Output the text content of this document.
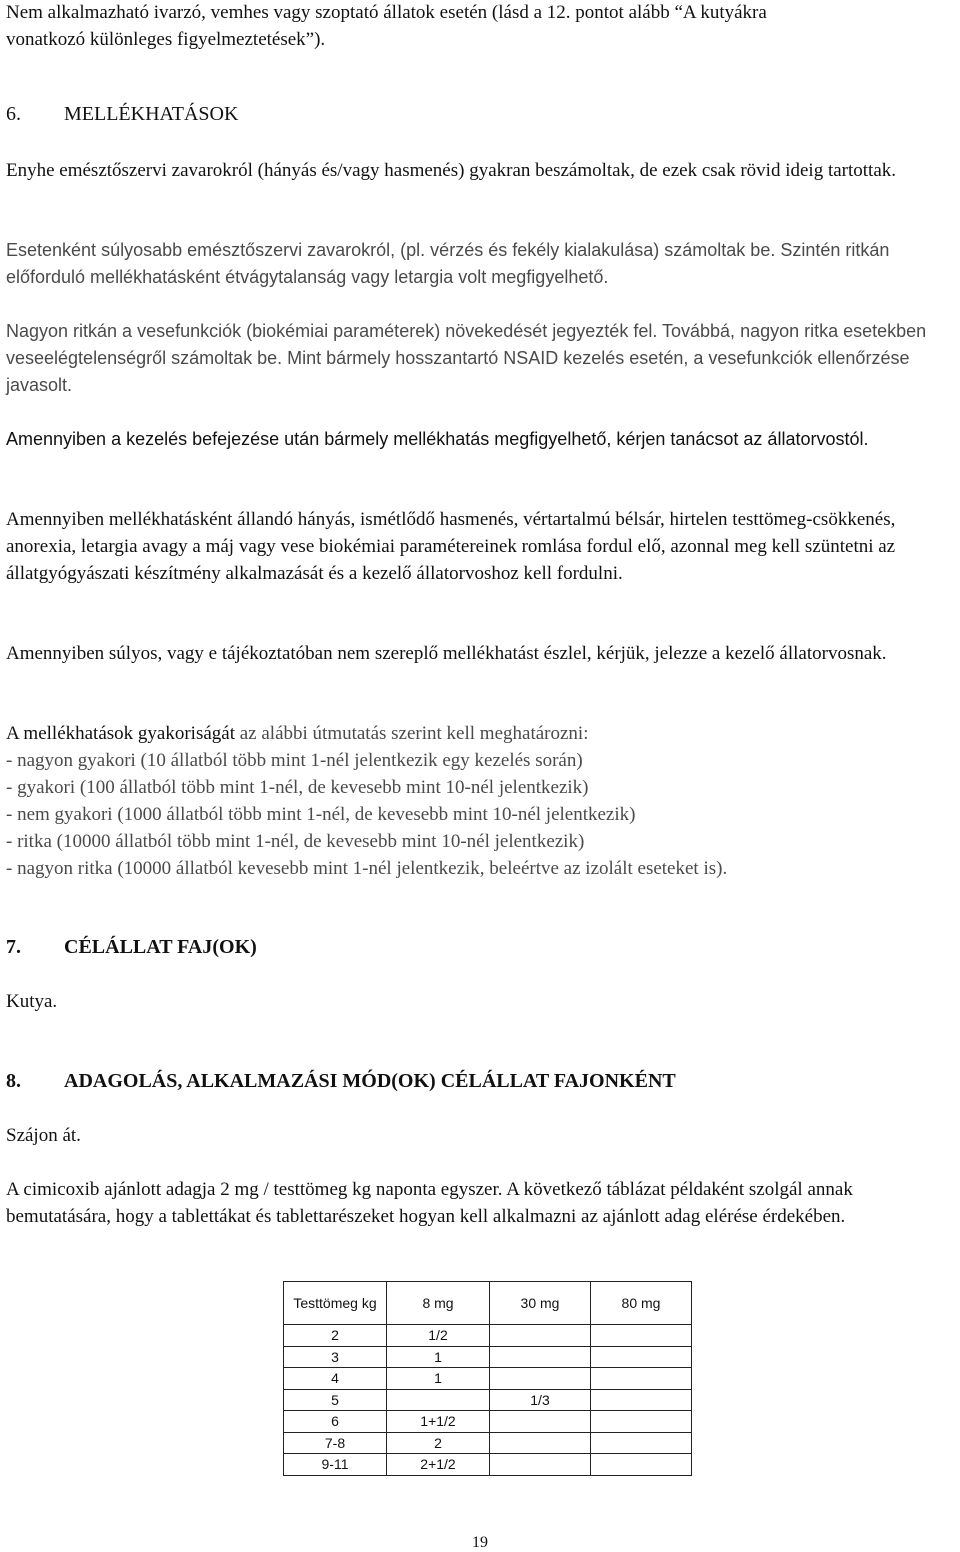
Nem alkalmazható ivarzó, vemhes vagy szoptató állatok esetén (lásd a 12. pontot alább “A kutyákra
vonatkozó különleges figyelmeztetések”).

6. MELLÉKHATÁSOK

Enyhe emésztőszervi zavarokról (hányás és/vagy hasmenés) gyakran beszámoltak, de ezek csak rövid ideig tartottak.

Esetenként súlyosabb emésztőszervi zavarokról, (pl. vérzés és fekély kialakulása) számoltak be. Szintén ritkán előforduló mellékhatásként étvágytalanság vagy letargia volt megfigyelhető.

Nagyon ritkán a vesefunkciók (biokémiai paraméterek) növekedését jegyezték fel. Továbbá, nagyon ritka esetekben veseelégtelenségről számoltak be. Mint bármely hosszantartó NSAID kezelés esetén, a vesefunkciók ellenőrzése javasolt.

Amennyiben a kezelés befejezése után bármely mellékhatás megfigyelhető, kérjen tanácsot az állatorvostól.

Amennyiben mellékhatásként állandó hányás, ismétlődő hasmenés, vértartalmú bélsár, hirtelen testtömeg-csökkenés, anorexia, letargia avagy a máj vagy vese biokémiai paramétereinek romlása fordul elő, azonnal meg kell szüntetni az állatgyógyászati készítmény alkalmazását és a kezelő állatorvoshoz kell fordulni.

Amennyiben súlyos, vagy e tájékoztatóban nem szereplő mellékhatást észlel, kérjük, jelezze a kezelő állatorvosnak.

A mellékhatások gyakoriságát az alábbi útmutatás szerint kell meghatározni:

- nagyon gyakori (10 állatból több mint 1-nél jelentkezik egy kezelés során)
- gyakori (100 állatból több mint 1-nél, de kevesebb mint 10-nél jelentkezik)
- nem gyakori (1000 állatból több mint 1-nél, de kevesebb mint 10-nél jelentkezik)
- ritka (10000 állatból több mint 1-nél, de kevesebb mint 10-nél jelentkezik)
- nagyon ritka (10000 állatból kevesebb mint 1-nél jelentkezik, beleértve az izolált eseteket is).
7. CÉLÁLLAT FAJ(OK)

Kutya.

8. ADAGOLÁS, ALKALMAZÁSI MÓD(OK) CÉLÁLLAT FAJONKÉNT

Szájon át.

A cimicoxib ajánlott adagja 2 mg / testtömeg kg naponta egyszer. A következő táblázat példaként szolgál annak bemutatására, hogy a tablettákat és tablettarészeket hogyan kell alkalmazni az ajánlott adag elérése érdekében.

Testtömeg kg	8 mg	30 mg	80 mg
2	1/2		
3	1		
4	1		
5		1/3	
6	1+1/2		
7-8	2		
9-11	2+1/2		
19
